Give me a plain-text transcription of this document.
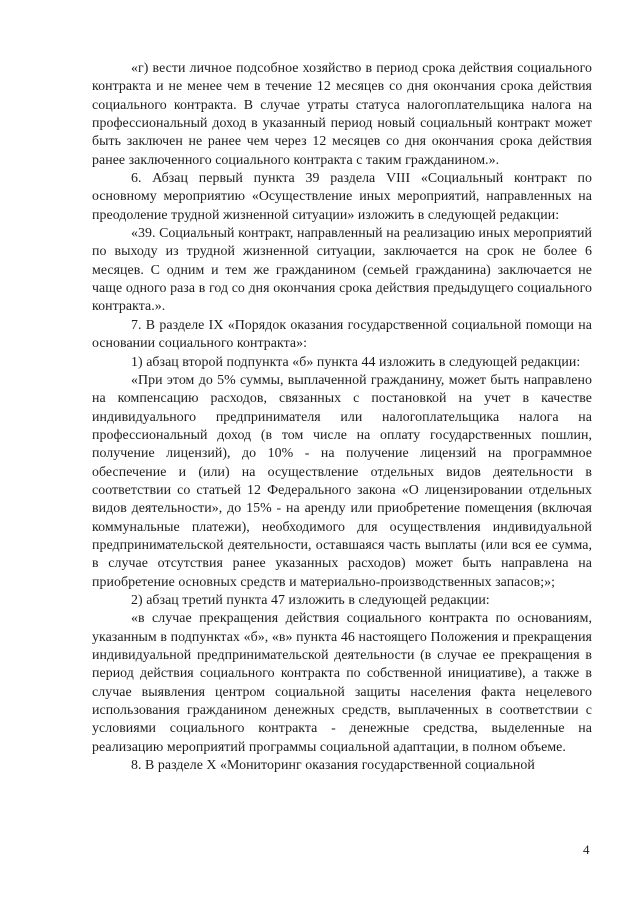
«г) вести личное подсобное хозяйство в период срока действия социального контракта и не менее чем в течение 12 месяцев со дня окончания срока действия социального контракта. В случае утраты статуса налогоплательщика налога на профессиональный доход в указанный период новый социальный контракт может быть заключен не ранее чем через 12 месяцев со дня окончания срока действия ранее заключенного социального контракта с таким гражданином.».

6. Абзац первый пункта 39 раздела VIII «Социальный контракт по основному мероприятию «Осуществление иных мероприятий, направленных на преодоление трудной жизненной ситуации» изложить в следующей редакции:

«39. Социальный контракт, направленный на реализацию иных мероприятий по выходу из трудной жизненной ситуации, заключается на срок не более 6 месяцев. С одним и тем же гражданином (семьей гражданина) заключается не чаще одного раза в год со дня окончания срока действия предыдущего социального контракта.».

7. В разделе IX «Порядок оказания государственной социальной помощи на основании социального контракта»:

1) абзац второй подпункта «б» пункта 44 изложить в следующей редакции:

«При этом до 5% суммы, выплаченной гражданину, может быть направлено на компенсацию расходов, связанных с постановкой на учет в качестве индивидуального предпринимателя или налогоплательщика налога на профессиональный доход (в том числе на оплату государственных пошлин, получение лицензий), до 10% - на получение лицензий на программное обеспечение и (или) на осуществление отдельных видов деятельности в соответствии со статьей 12 Федерального закона «О лицензировании отдельных видов деятельности», до 15% - на аренду или приобретение помещения (включая коммунальные платежи), необходимого для осуществления индивидуальной предпринимательской деятельности, оставшаяся часть выплаты (или вся ее сумма, в случае отсутствия ранее указанных расходов) может быть направлена на приобретение основных средств и материально-производственных запасов;»;

2) абзац третий пункта 47 изложить в следующей редакции:

«в случае прекращения действия социального контракта по основаниям, указанным в подпунктах «б», «в» пункта 46 настоящего Положения и прекращения индивидуальной предпринимательской деятельности (в случае ее прекращения в период действия социального контракта по собственной инициативе), а также в случае выявления центром социальной защиты населения факта нецелевого использования гражданином денежных средств, выплаченных в соответствии с условиями социального контракта - денежные средства, выделенные на реализацию мероприятий программы социальной адаптации, в полном объеме.

8. В разделе X «Мониторинг оказания государственной социальной

4
